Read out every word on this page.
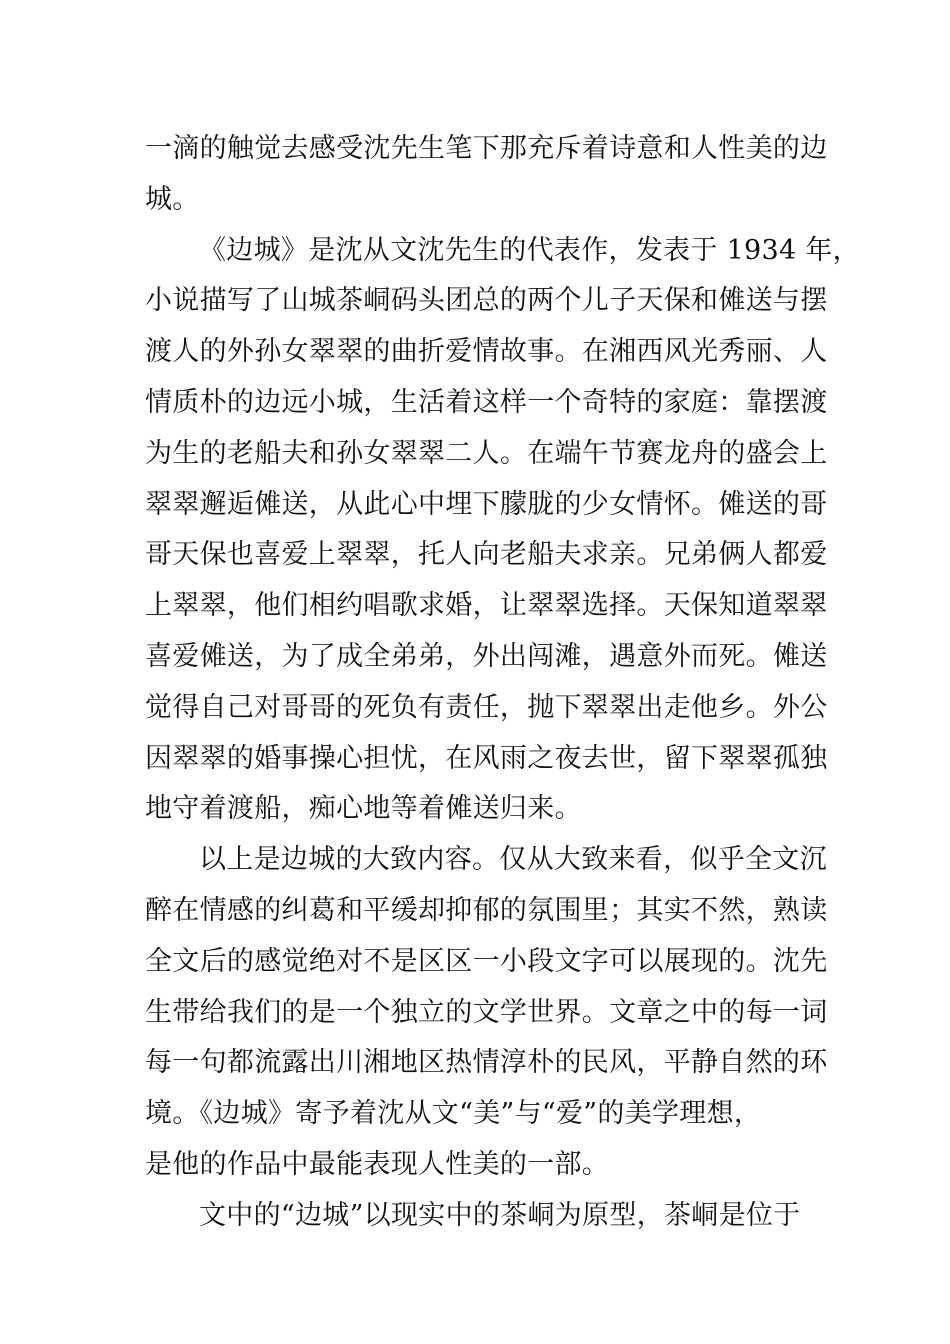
一滴的触觉去感受沈先生笔下那充斥着诗意和人性美的边
城。
《边城》是沈从文沈先生的代表作，发表于 1934 年，
小说描写了山城茶峒码头团总的两个儿子天保和傩送与摆
渡人的外孙女翠翠的曲折爱情故事。在湘西风光秀丽、人
情质朴的边远小城，生活着这样一个奇特的家庭：靠摆渡
为生的老船夫和孙女翠翠二人。在端午节赛龙舟的盛会上
翠翠邂逅傩送，从此心中埋下朦胧的少女情怀。傩送的哥
哥天保也喜爱上翠翠，托人向老船夫求亲。兄弟俩人都爱
上翠翠，他们相约唱歌求婚，让翠翠选择。天保知道翠翠
喜爱傩送，为了成全弟弟，外出闯滩，遇意外而死。傩送
觉得自己对哥哥的死负有责任，抛下翠翠出走他乡。外公
因翠翠的婚事操心担忧，在风雨之夜去世，留下翠翠孤独
地守着渡船，痴心地等着傩送归来。
以上是边城的大致内容。仅从大致来看，似乎全文沉
醉在情感的纠葛和平缓却抑郁的氛围里；其实不然，熟读
全文后的感觉绝对不是区区一小段文字可以展现的。沈先
生带给我们的是一个独立的文学世界。文章之中的每一词
每一句都流露出川湘地区热情淳朴的民风，平静自然的环
境。《边城》寄予着沈从文“美”与“爱”的美学理想，
是他的作品中最能表现人性美的一部。
文中的“边城”以现实中的茶峒为原型，茶峒是位于
